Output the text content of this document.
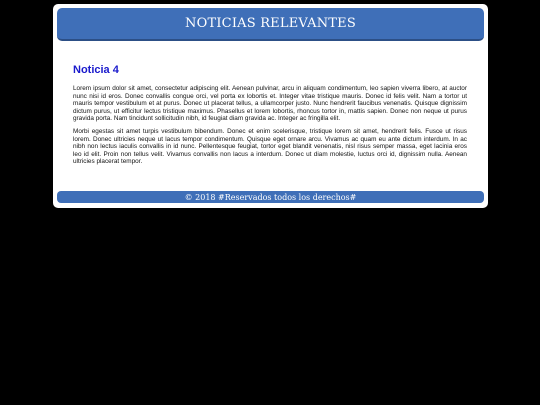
NOTICIAS RELEVANTES
Noticia 4

Lorem ipsum dolor sit amet, consectetur adipiscing elit. Aenean pulvinar, arcu in aliquam condimentum, leo sapien viverra libero, at auctor nunc nisi id eros. Donec convallis congue orci, vel porta ex lobortis et. Integer vitae tristique mauris. Donec id felis velit. Nam a tortor ut mauris tempor vestibulum et at purus. Donec ut placerat tellus, a ullamcorper justo. Nunc hendrerit faucibus venenatis. Quisque dignissim dictum purus, ut efficitur lectus tristique maximus. Phasellus et lorem lobortis, rhoncus tortor in, mattis sapien. Donec non neque ut purus gravida porta. Nam tincidunt sollicitudin nibh, id feugiat diam gravida ac. Integer ac fringilla elit.

Morbi egestas sit amet turpis vestibulum bibendum. Donec et enim scelerisque, tristique lorem sit amet, hendrerit felis. Fusce ut risus lorem. Donec ultricies neque ut lacus tempor condimentum. Quisque eget ornare arcu. Vivamus ac quam eu ante dictum interdum. In ac nibh non lectus iaculis convallis in id nunc. Pellentesque feugiat, tortor eget blandit venenatis, nisl risus semper massa, eget lacinia eros leo id elit. Proin non tellus velit. Vivamus convallis non lacus a interdum. Donec ut diam molestie, luctus orci id, dignissim nulla. Aenean ultricies placerat tempor.

© 2018 #Reservados todos los derechos#
